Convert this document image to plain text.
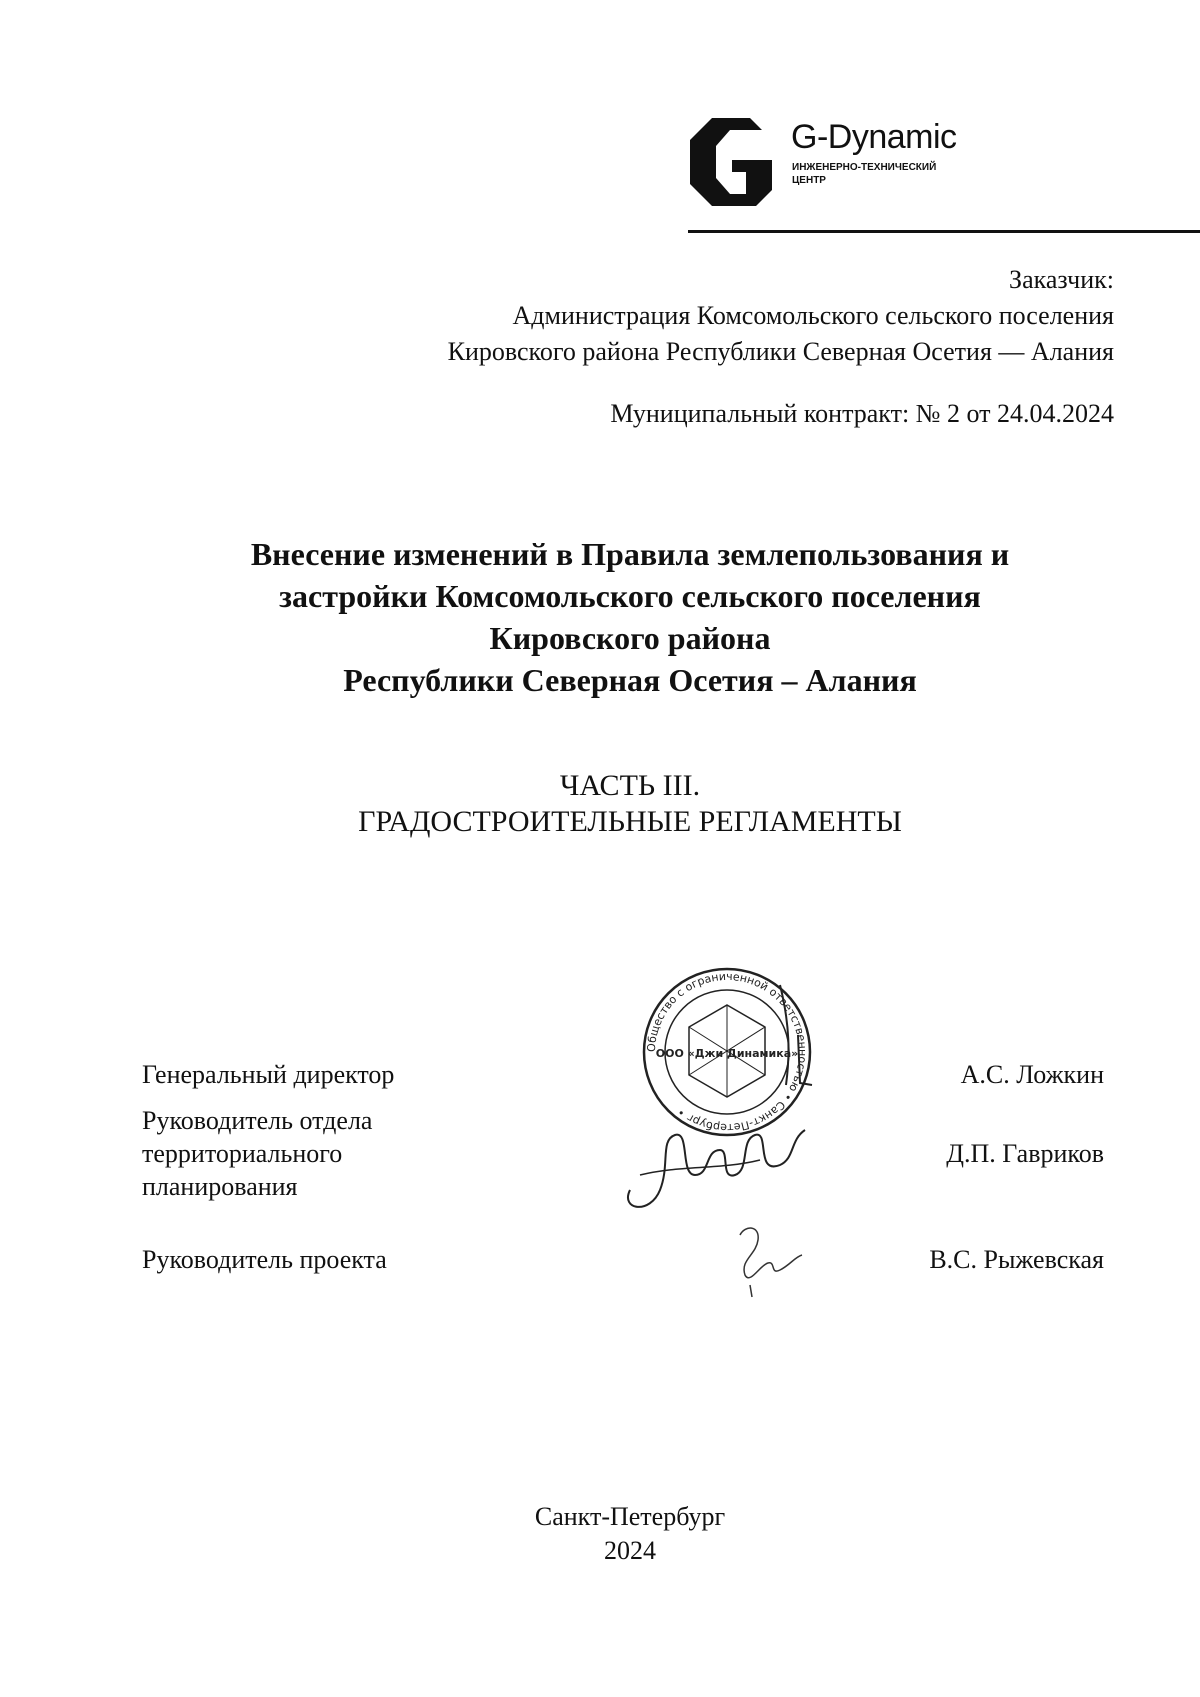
G-Dynamic
ИНЖЕНЕРНО-ТЕХНИЧЕСКИЙ
ЦЕНТР
Заказчик:
Администрация Комсомольского сельского поселения
Кировского района Республики Северная Осетия — Алания
Муниципальный контракт: № 2 от 24.04.2024
Внесение изменений в Правила землепользования и
застройки Комсомольского сельского поселения
Кировского района
Республики Северная Осетия – Алания
ЧАСТЬ III.
ГРАДОСТРОИТЕЛЬНЫЕ РЕГЛАМЕНТЫ
Общество с ограниченной ответственностью • Санкт-Петербург •
ООО «Джи Динамика»
Генеральный директор	А.С. Ложкин
Руководитель отдела
территориального
планирования
Д.П. Гавриков
Руководитель проекта	В.С. Рыжевская
Санкт-Петербург
2024
